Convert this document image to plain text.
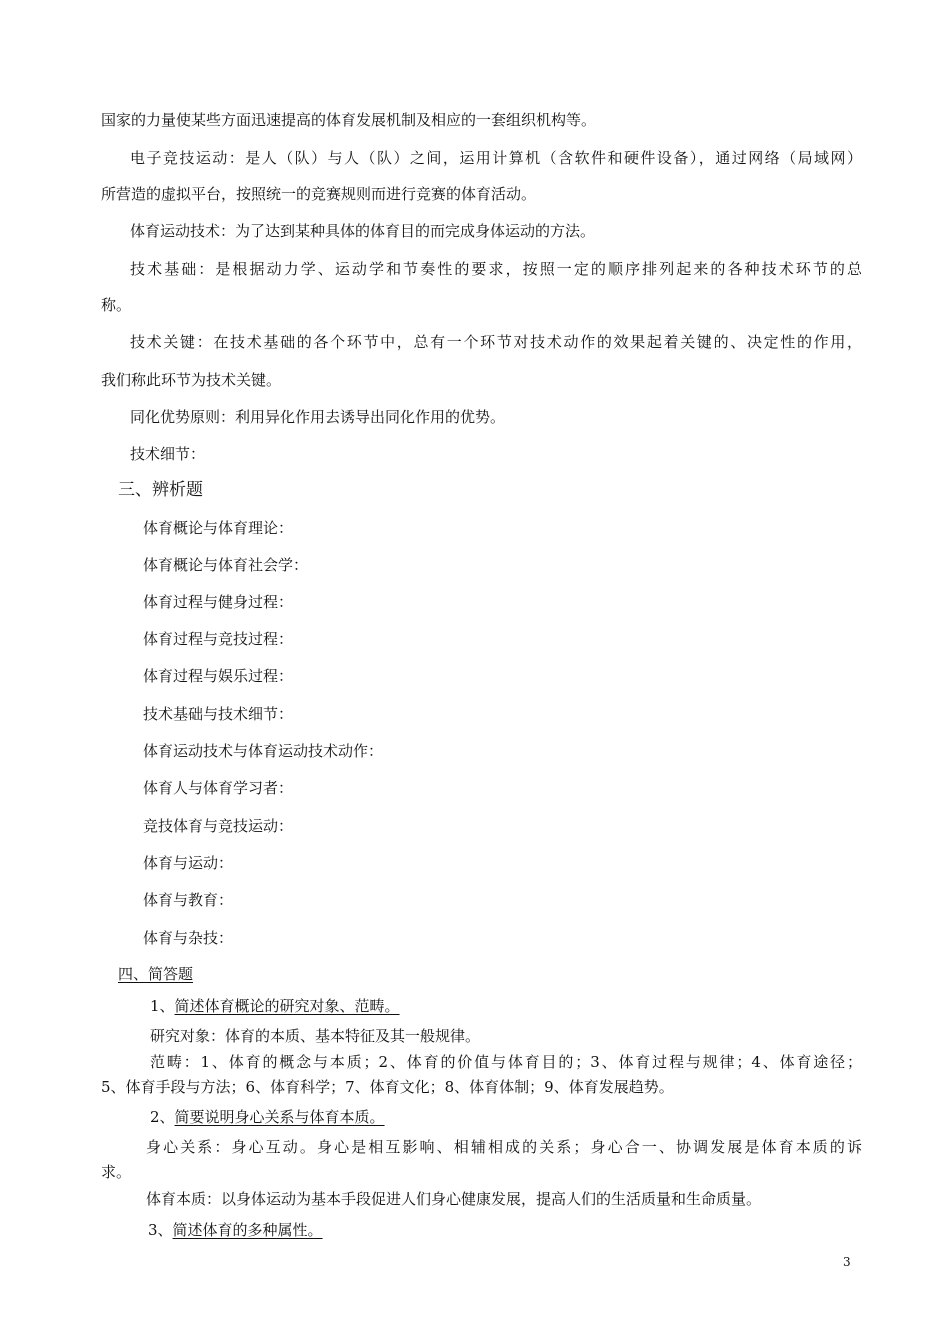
国家的力量使某些方面迅速提高的体育发展机制及相应的一套组织机构等。
电子竞技运动：是人（队）与人（队）之间，运用计算机（含软件和硬件设备），通过网络（局域网）
所营造的虚拟平台，按照统一的竞赛规则而进行竞赛的体育活动。
体育运动技术：为了达到某种具体的体育目的而完成身体运动的方法。
技术基础：是根据动力学、运动学和节奏性的要求，按照一定的顺序排列起来的各种技术环节的总
称。
技术关键：在技术基础的各个环节中，总有一个环节对技术动作的效果起着关键的、决定性的作用，
我们称此环节为技术关键。
同化优势原则：利用异化作用去诱导出同化作用的优势。
技术细节：
三、辨析题
体育概论与体育理论：
体育概论与体育社会学：
体育过程与健身过程：
体育过程与竞技过程：
体育过程与娱乐过程：
技术基础与技术细节：
体育运动技术与体育运动技术动作：
体育人与体育学习者：
竞技体育与竞技运动：
体育与运动：
体育与教育：
体育与杂技：
四、简答题
1、简述体育概论的研究对象、范畴。
研究对象：体育的本质、基本特征及其一般规律。
范畴：1、体育的概念与本质；2、体育的价值与体育目的；3、体育过程与规律；4、体育途径；
5、体育手段与方法；6、体育科学；7、体育文化；8、体育体制；9、体育发展趋势。
2、简要说明身心关系与体育本质。
身心关系：身心互动。身心是相互影响、相辅相成的关系；身心合一、协调发展是体育本质的诉
求。
体育本质：以身体运动为基本手段促进人们身心健康发展，提高人们的生活质量和生命质量。
3、简述体育的多种属性。
3
